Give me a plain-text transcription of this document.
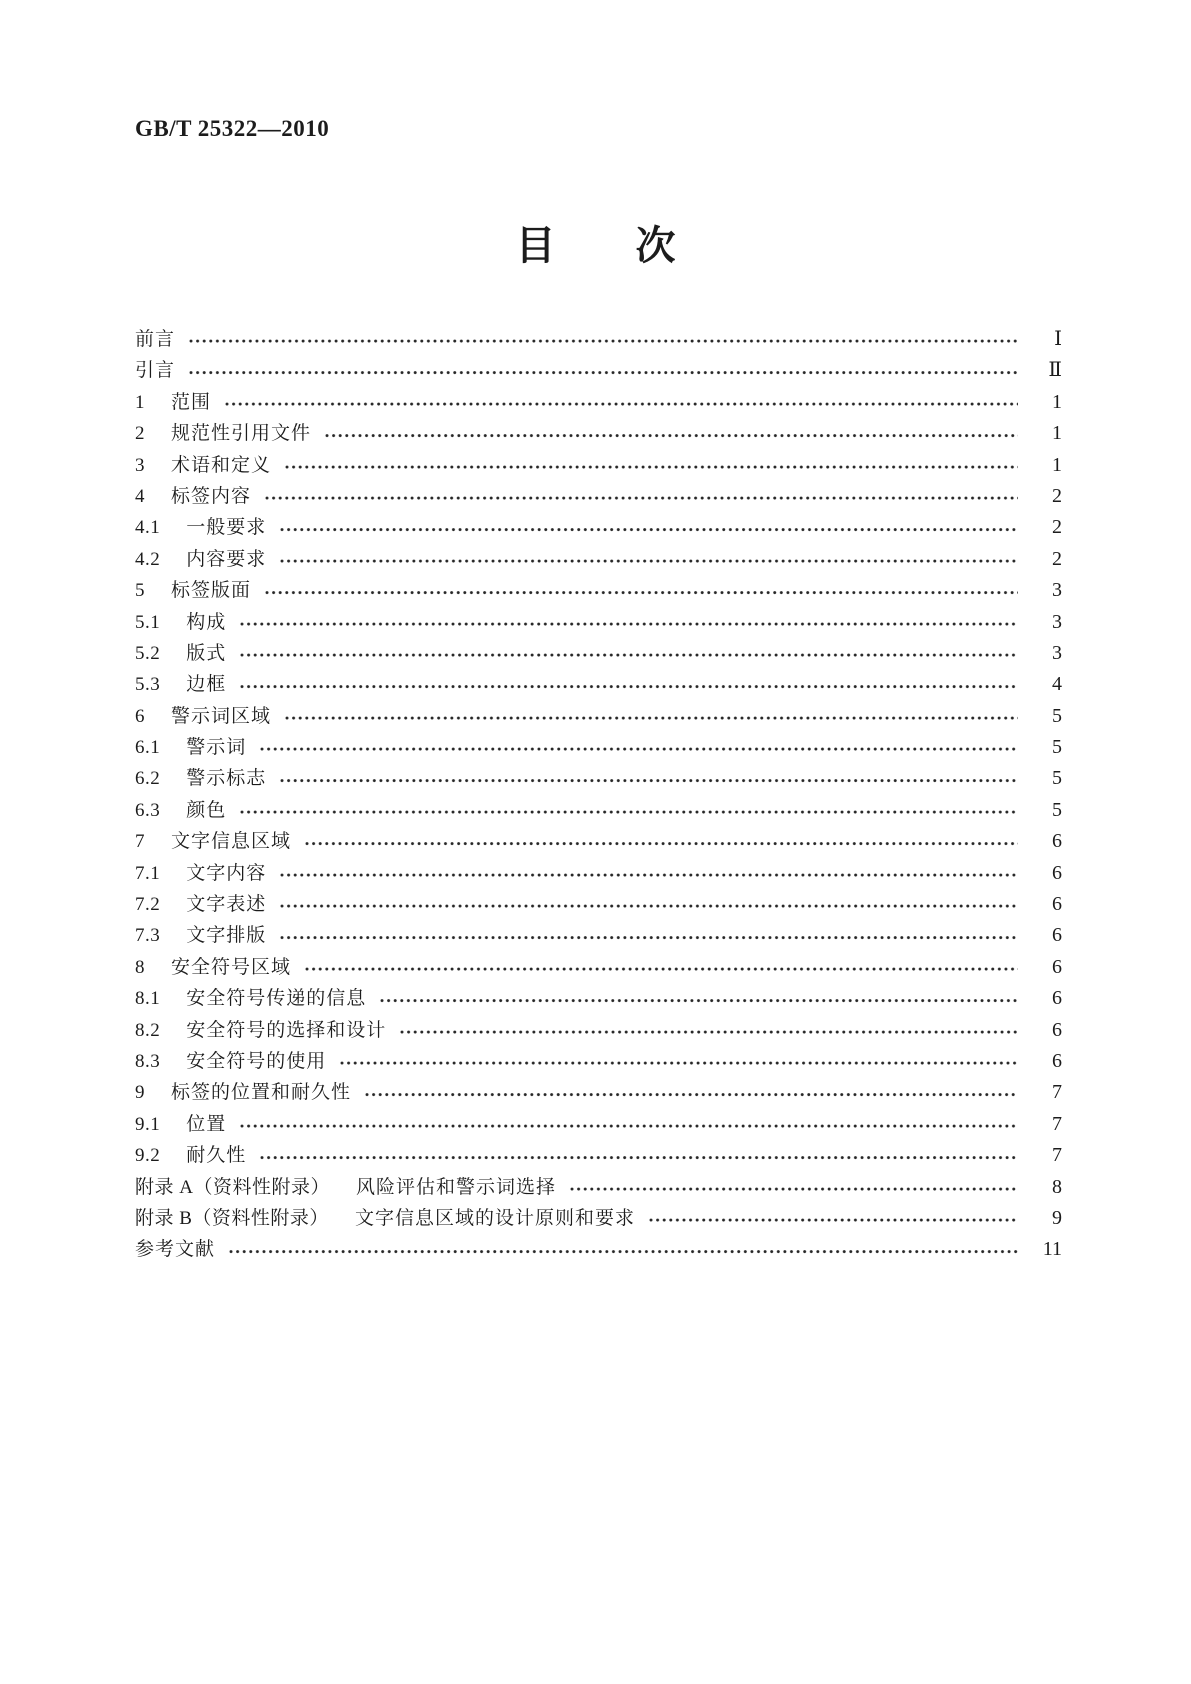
GB/T 25322—2010
目　　次
前言	Ⅰ
引言	Ⅱ
1 范围	1
2 规范性引用文件	1
3 术语和定义	1
4 标签内容	2
4.1 一般要求	2
4.2 内容要求	2
5 标签版面	3
5.1 构成	3
5.2 版式	3
5.3 边框	4
6 警示词区域	5
6.1 警示词	5
6.2 警示标志	5
6.3 颜色	5
7 文字信息区域	6
7.1 文字内容	6
7.2 文字表述	6
7.3 文字排版	6
8 安全符号区域	6
8.1 安全符号传递的信息	6
8.2 安全符号的选择和设计	6
8.3 安全符号的使用	6
9 标签的位置和耐久性	7
9.1 位置	7
9.2 耐久性	7
附录 A（资料性附录） 风险评估和警示词选择	8
附录 B（资料性附录） 文字信息区域的设计原则和要求	9
参考文献	11
